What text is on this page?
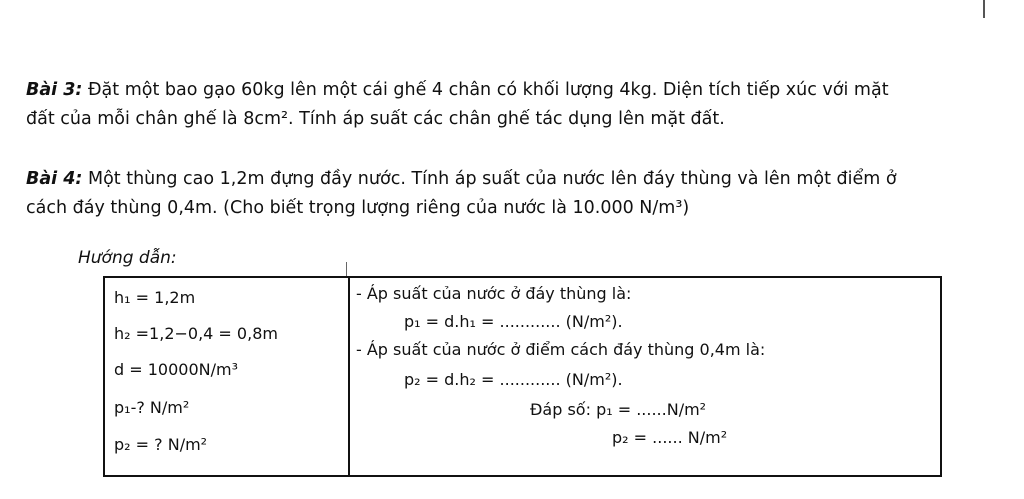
Bài 3: Đặt một bao gạo 60kg lên một cái ghế 4 chân có khối lượng 4kg. Diện tích tiếp xúc với mặt
đất của mỗi chân ghế là 8cm². Tính áp suất các chân ghế tác dụng lên mặt đất.
Bài 4: Một thùng cao 1,2m đựng đầy nước. Tính áp suất của nước lên đáy thùng và lên một điểm ở
cách đáy thùng 0,4m. (Cho biết trọng lượng riêng của nước là 10.000 N/m³)
Hướng dẫn:
h₁ = 1,2m
h₂ =1,2−0,4 = 0,8m
d = 10000N/m³
p₁-? N/m²
p₂ = ? N/m²
- Áp suất của nước ở đáy thùng là:
p₁ = d.h₁ = ............ (N/m²).
- Áp suất của nước ở điểm cách đáy thùng 0,4m là:
p₂ = d.h₂ = ............ (N/m²).
Đáp số: p₁ = ......N/m²
p₂ = ...... N/m²
